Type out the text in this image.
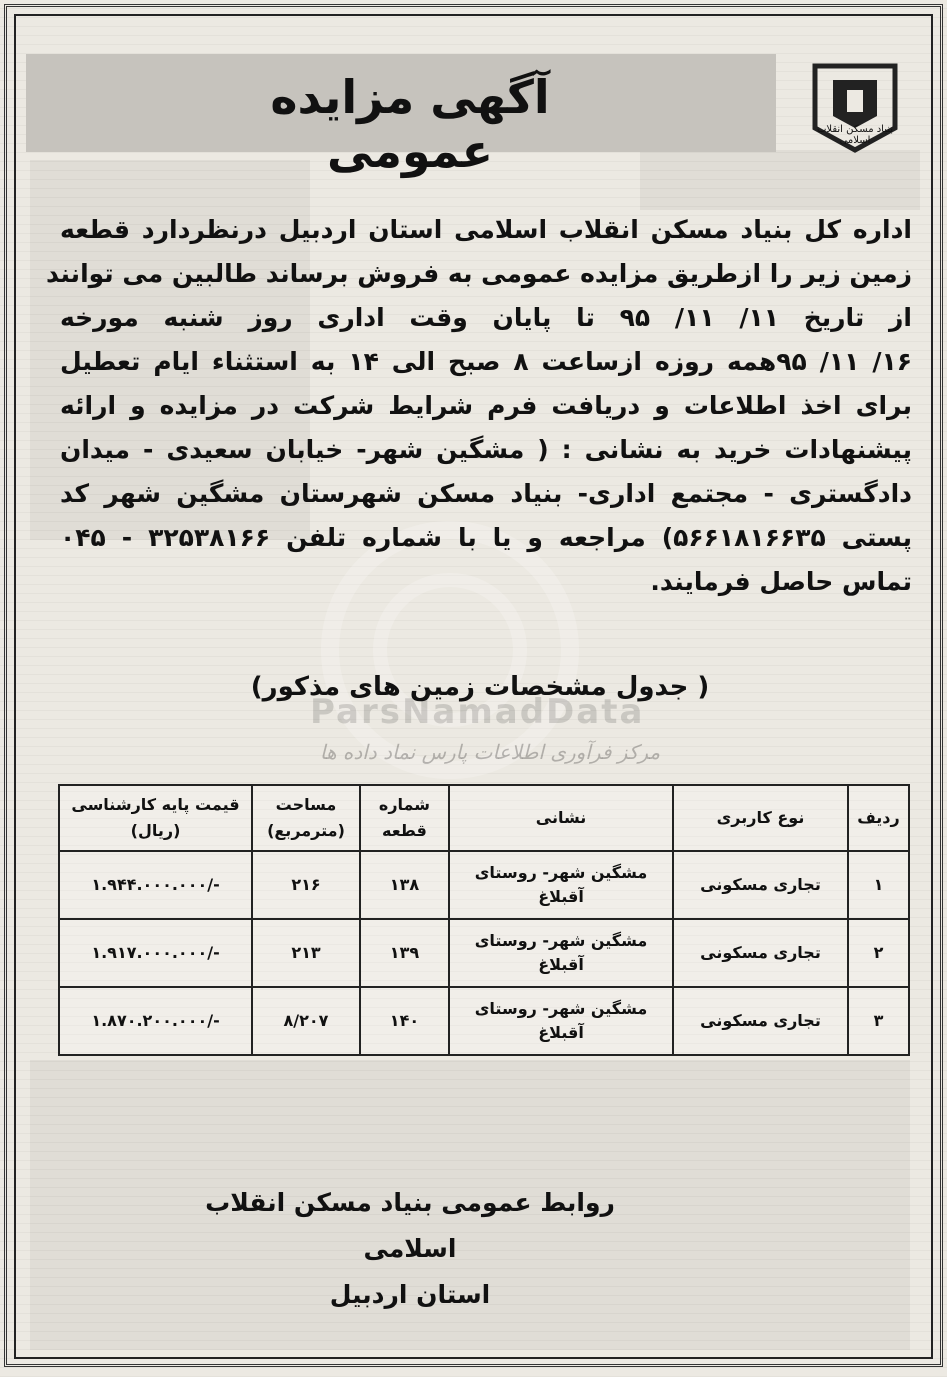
آگهی مزایده عمومی	بنیاد مسکن انقلاب اسلامی
ParsNamadData
اداره کل بنیاد مسکن انقلاب اسلامی استان اردبیل درنظردارد قطعه
زمین زیر را ازطریق مزایده عمومی به فروش برساند طالبین می توانند
از تاریخ ۱۱/ ۱۱/ ۹۵ تا پایان وقت اداری روز شنبه مورخه
۱۶/ ۱۱/ ۹۵همه روزه ازساعت ۸ صبح الی ۱۴ به استثناء ایام تعطیل
برای اخذ اطلاعات و دریافت فرم شرایط شرکت در مزایده و ارائه
پیشنهادات خرید به نشانی : ( مشگین شهر- خیابان سعیدی - میدان
دادگستری - مجتمع اداری- بنیاد مسکن شهرستان مشگین شهر کد
پستی ۵۶۶۱۸۱۶۶۳۵) مراجعه و یا با شماره تلفن ۳۲۵۳۸۱۶۶ - ۰۴۵
تماس حاصل فرمایند.
( جدول مشخصات زمین های مذکور)
مرکز فرآوری اطلاعات پارس نماد داده ها
ردیف	نوع کاربری	نشانی	شماره قطعه	مساحت (مترمربع)	قیمت پایه کارشناسی (ریال)
۱	تجاری مسکونی	مشگین شهر- روستای آقبلاغ	۱۳۸	۲۱۶	-/۱.۹۴۴.۰۰۰.۰۰۰
۲	تجاری مسکونی	مشگین شهر- روستای آقبلاغ	۱۳۹	۲۱۳	-/۱.۹۱۷.۰۰۰.۰۰۰
۳	تجاری مسکونی	مشگین شهر- روستای آقبلاغ	۱۴۰	۸/۲۰۷	-/۱.۸۷۰.۲۰۰.۰۰۰
روابط عمومی بنیاد مسکن انقلاب اسلامی
استان اردبیل
